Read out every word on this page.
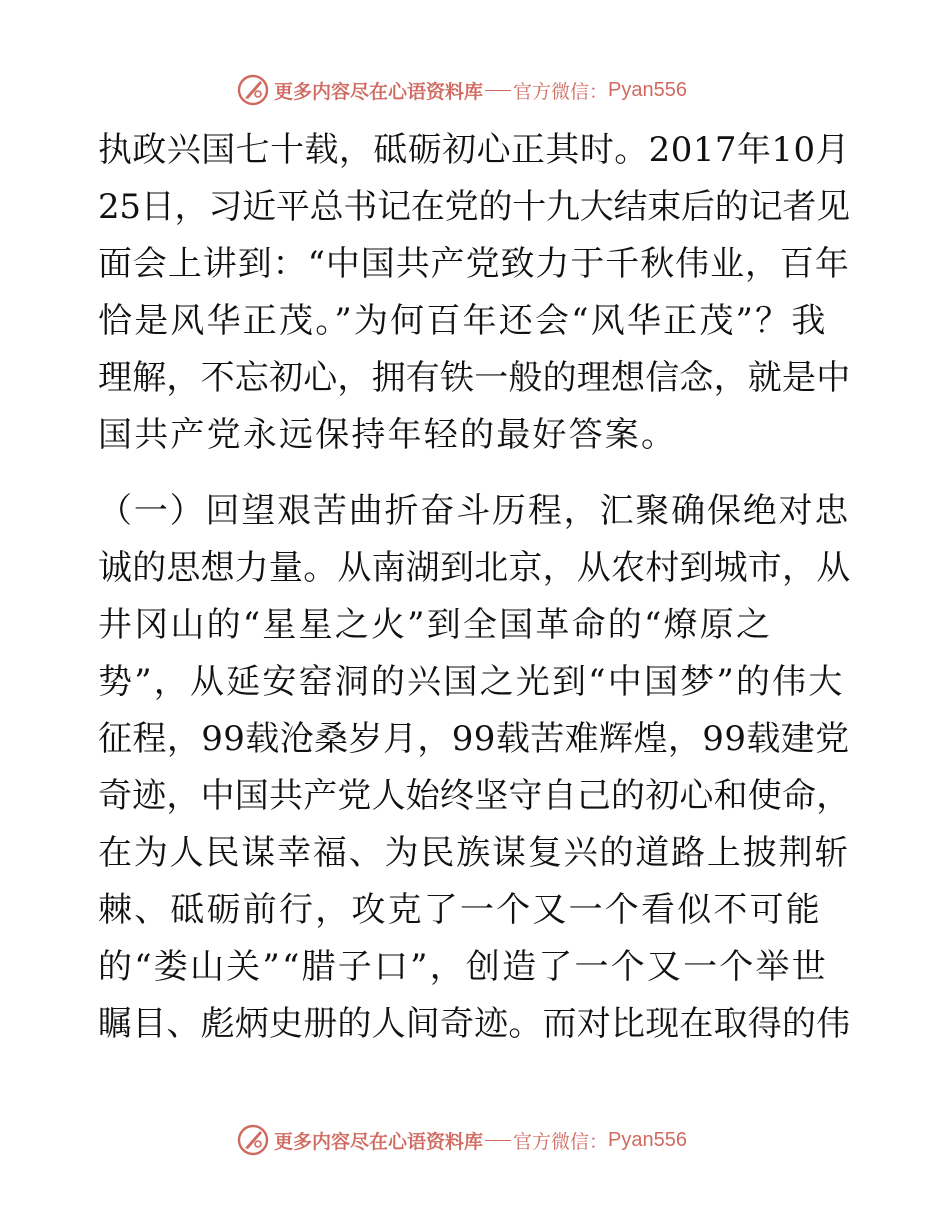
更多内容尽在心语资料库 官方微信： Pyan556
执政兴国七十载，砥砺初心正其时。2017年10月
25日，习近平总书记在党的十九大结束后的记者见
面会上讲到：“中国共产党致力于千秋伟业，百年
恰是风华正茂。”为何百年还会“风华正茂”？我
理解，不忘初心，拥有铁一般的理想信念，就是中
国共产党永远保持年轻的最好答案。
（一）回望艰苦曲折奋斗历程，汇聚确保绝对忠
诚的思想力量。从南湖到北京，从农村到城市，从
井冈山的“星星之火”到全国革命的“燎原之
势”，从延安窑洞的兴国之光到“中国梦”的伟大
征程，99载沧桑岁月，99载苦难辉煌，99载建党
奇迹，中国共产党人始终坚守自己的初心和使命，
在为人民谋幸福、为民族谋复兴的道路上披荆斩
棘、砥砺前行，攻克了一个又一个看似不可能
的“娄山关”“腊子口”，创造了一个又一个举世
瞩目、彪炳史册的人间奇迹。而对比现在取得的伟
更多内容尽在心语资料库 官方微信： Pyan556
